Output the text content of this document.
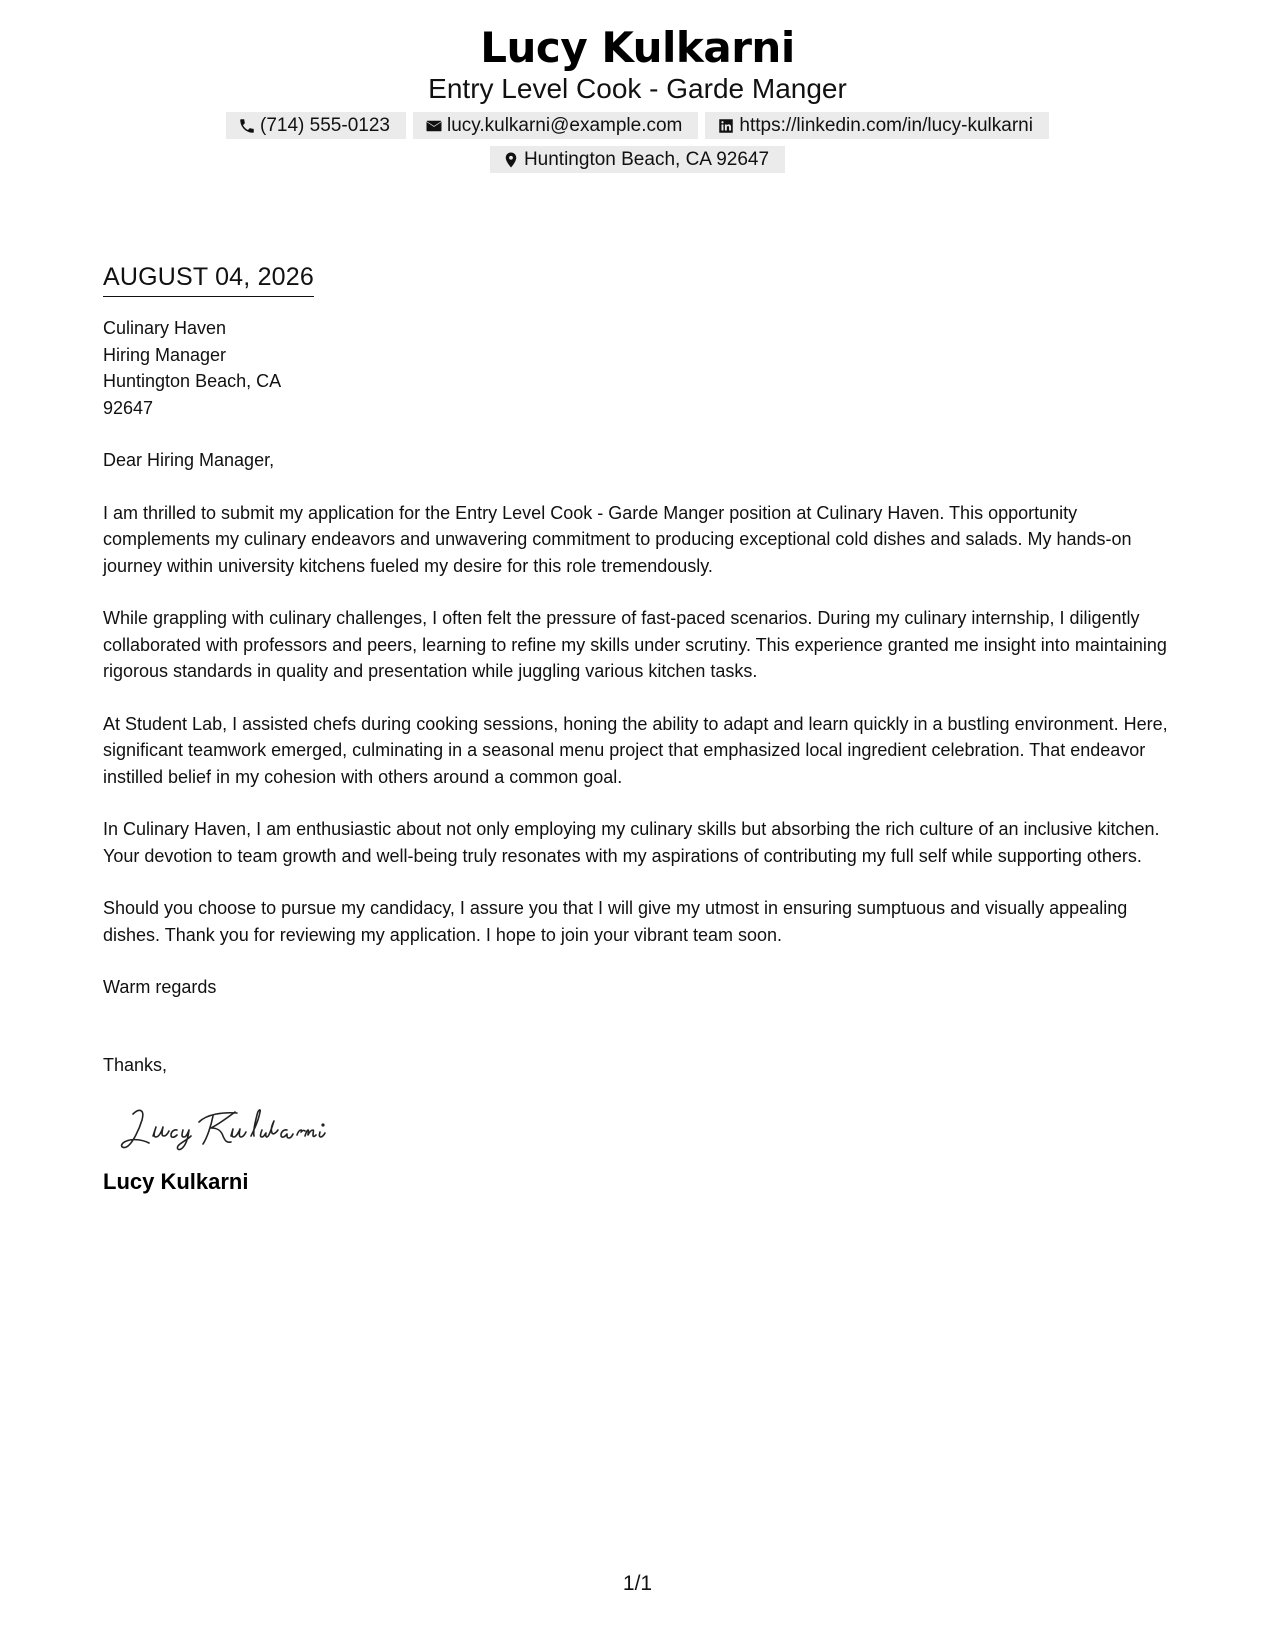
Lucy Kulkarni
Entry Level Cook - Garde Manger
(714) 555-0123	lucy.kulkarni@example.com	https://linkedin.com/in/lucy-kulkarni
Huntington Beach, CA 92647
AUGUST 04, 2026
Culinary Haven
Hiring Manager
Huntington Beach, CA
92647
Dear Hiring Manager,

I am thrilled to submit my application for the Entry Level Cook - Garde Manger position at Culinary Haven. This opportunity complements my culinary endeavors and unwavering commitment to producing exceptional cold dishes and salads. My hands-on journey within university kitchens fueled my desire for this role tremendously.

While grappling with culinary challenges, I often felt the pressure of fast-paced scenarios. During my culinary internship, I diligently collaborated with professors and peers, learning to refine my skills under scrutiny. This experience granted me insight into maintaining rigorous standards in quality and presentation while juggling various kitchen tasks.

At Student Lab, I assisted chefs during cooking sessions, honing the ability to adapt and learn quickly in a bustling environment. Here, significant teamwork emerged, culminating in a seasonal menu project that emphasized local ingredient celebration. That endeavor instilled belief in my cohesion with others around a common goal.

In Culinary Haven, I am enthusiastic about not only employing my culinary skills but absorbing the rich culture of an inclusive kitchen. Your devotion to team growth and well-being truly resonates with my aspirations of contributing my full self while supporting others.

Should you choose to pursue my candidacy, I assure you that I will give my utmost in ensuring sumptuous and visually appealing dishes. Thank you for reviewing my application. I hope to join your vibrant team soon.

Warm regards
Thanks,
Lucy Kulkarni
1/1
